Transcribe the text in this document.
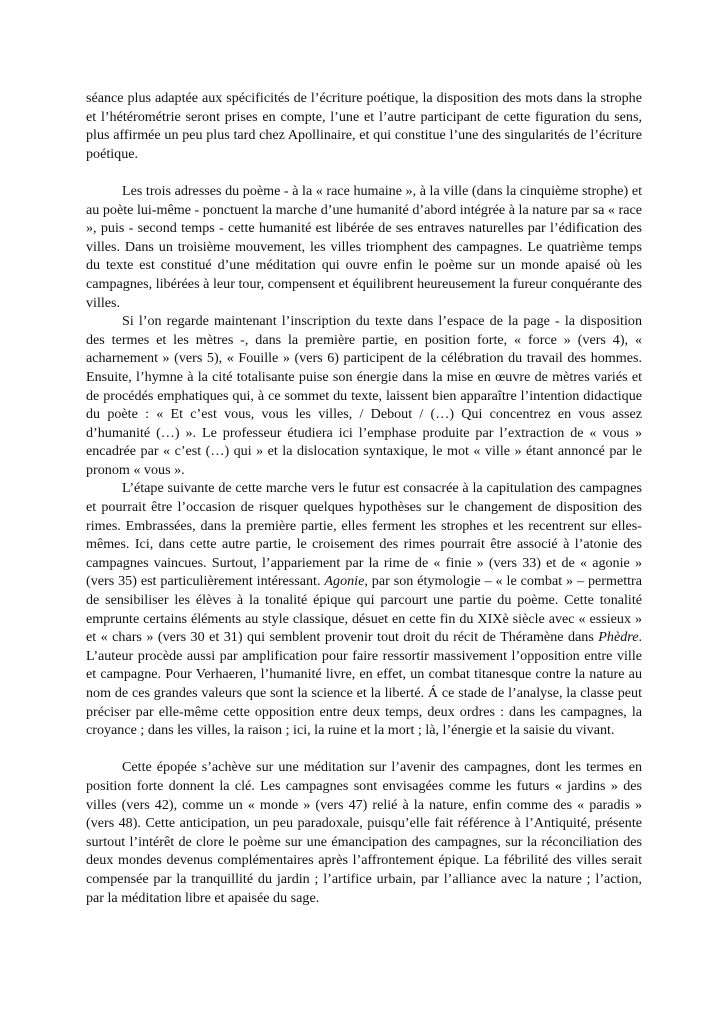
séance plus adaptée aux spécificités de l’écriture poétique, la disposition des mots dans la strophe et l’hétérométrie seront prises en compte, l’une et l’autre participant de cette figuration du sens, plus affirmée un peu plus tard chez Apollinaire, et qui constitue l’une des singularités de l’écriture poétique.

Les trois adresses du poème - à la « race humaine », à la ville (dans la cinquième strophe) et au poète lui-même - ponctuent la marche d’une humanité d’abord intégrée à la nature par sa « race », puis - second temps - cette humanité est libérée de ses entraves naturelles par l’édification des villes. Dans un troisième mouvement, les villes triomphent des campagnes. Le quatrième temps du texte est constitué d’une méditation qui ouvre enfin le poème sur un monde apaisé où les campagnes, libérées à leur tour, compensent et équilibrent heureusement la fureur conquérante des villes.

Si l’on regarde maintenant l’inscription du texte dans l’espace de la page - la disposition des termes et les mètres -, dans la première partie, en position forte, « force » (vers 4), « acharnement » (vers 5), « Fouille » (vers 6) participent de la célébration du travail des hommes. Ensuite, l’hymne à la cité totalisante puise son énergie dans la mise en œuvre de mètres variés et de procédés emphatiques qui, à ce sommet du texte, laissent bien apparaître l’intention didactique du poète : « Et c’est vous, vous les villes, / Debout / (…) Qui concentrez en vous assez d’humanité (…) ». Le professeur étudiera ici l’emphase produite par l’extraction de « vous » encadrée par « c’est (…) qui » et la dislocation syntaxique, le mot « ville » étant annoncé par le pronom « vous ».

L’étape suivante de cette marche vers le futur est consacrée à la capitulation des campagnes et pourrait être l’occasion de risquer quelques hypothèses sur le changement de disposition des rimes. Embrassées, dans la première partie, elles ferment les strophes et les recentrent sur elles-mêmes. Ici, dans cette autre partie, le croisement des rimes pourrait être associé à l’atonie des campagnes vaincues. Surtout, l’appariement par la rime de « finie » (vers 33) et de « agonie » (vers 35) est particulièrement intéressant. Agonie, par son étymologie – « le combat » – permettra de sensibiliser les élèves à la tonalité épique qui parcourt une partie du poème. Cette tonalité emprunte certains éléments au style classique, désuet en cette fin du XIXè siècle avec « essieux » et « chars » (vers 30 et 31) qui semblent provenir tout droit du récit de Théramène dans Phèdre. L’auteur procède aussi par amplification pour faire ressortir massivement l’opposition entre ville et campagne. Pour Verhaeren, l’humanité livre, en effet, un combat titanesque contre la nature au nom de ces grandes valeurs que sont la science et la liberté. Á ce stade de l’analyse, la classe peut préciser par elle-même cette opposition entre deux temps, deux ordres : dans les campagnes, la croyance ; dans les villes, la raison ; ici, la ruine et la mort ; là, l’énergie et la saisie du vivant.

Cette épopée s’achève sur une méditation sur l’avenir des campagnes, dont les termes en position forte donnent la clé. Les campagnes sont envisagées comme les futurs « jardins » des villes (vers 42), comme un « monde » (vers 47) relié à la nature, enfin comme des « paradis » (vers 48). Cette anticipation, un peu paradoxale, puisqu’elle fait référence à l’Antiquité, présente surtout l’intérêt de clore le poème sur une émancipation des campagnes, sur la réconciliation des deux mondes devenus complémentaires après l’affrontement épique. La fébrilité des villes serait compensée par la tranquillité du jardin ; l’artifice urbain, par l’alliance avec la nature ; l’action, par la méditation libre et apaisée du sage.
